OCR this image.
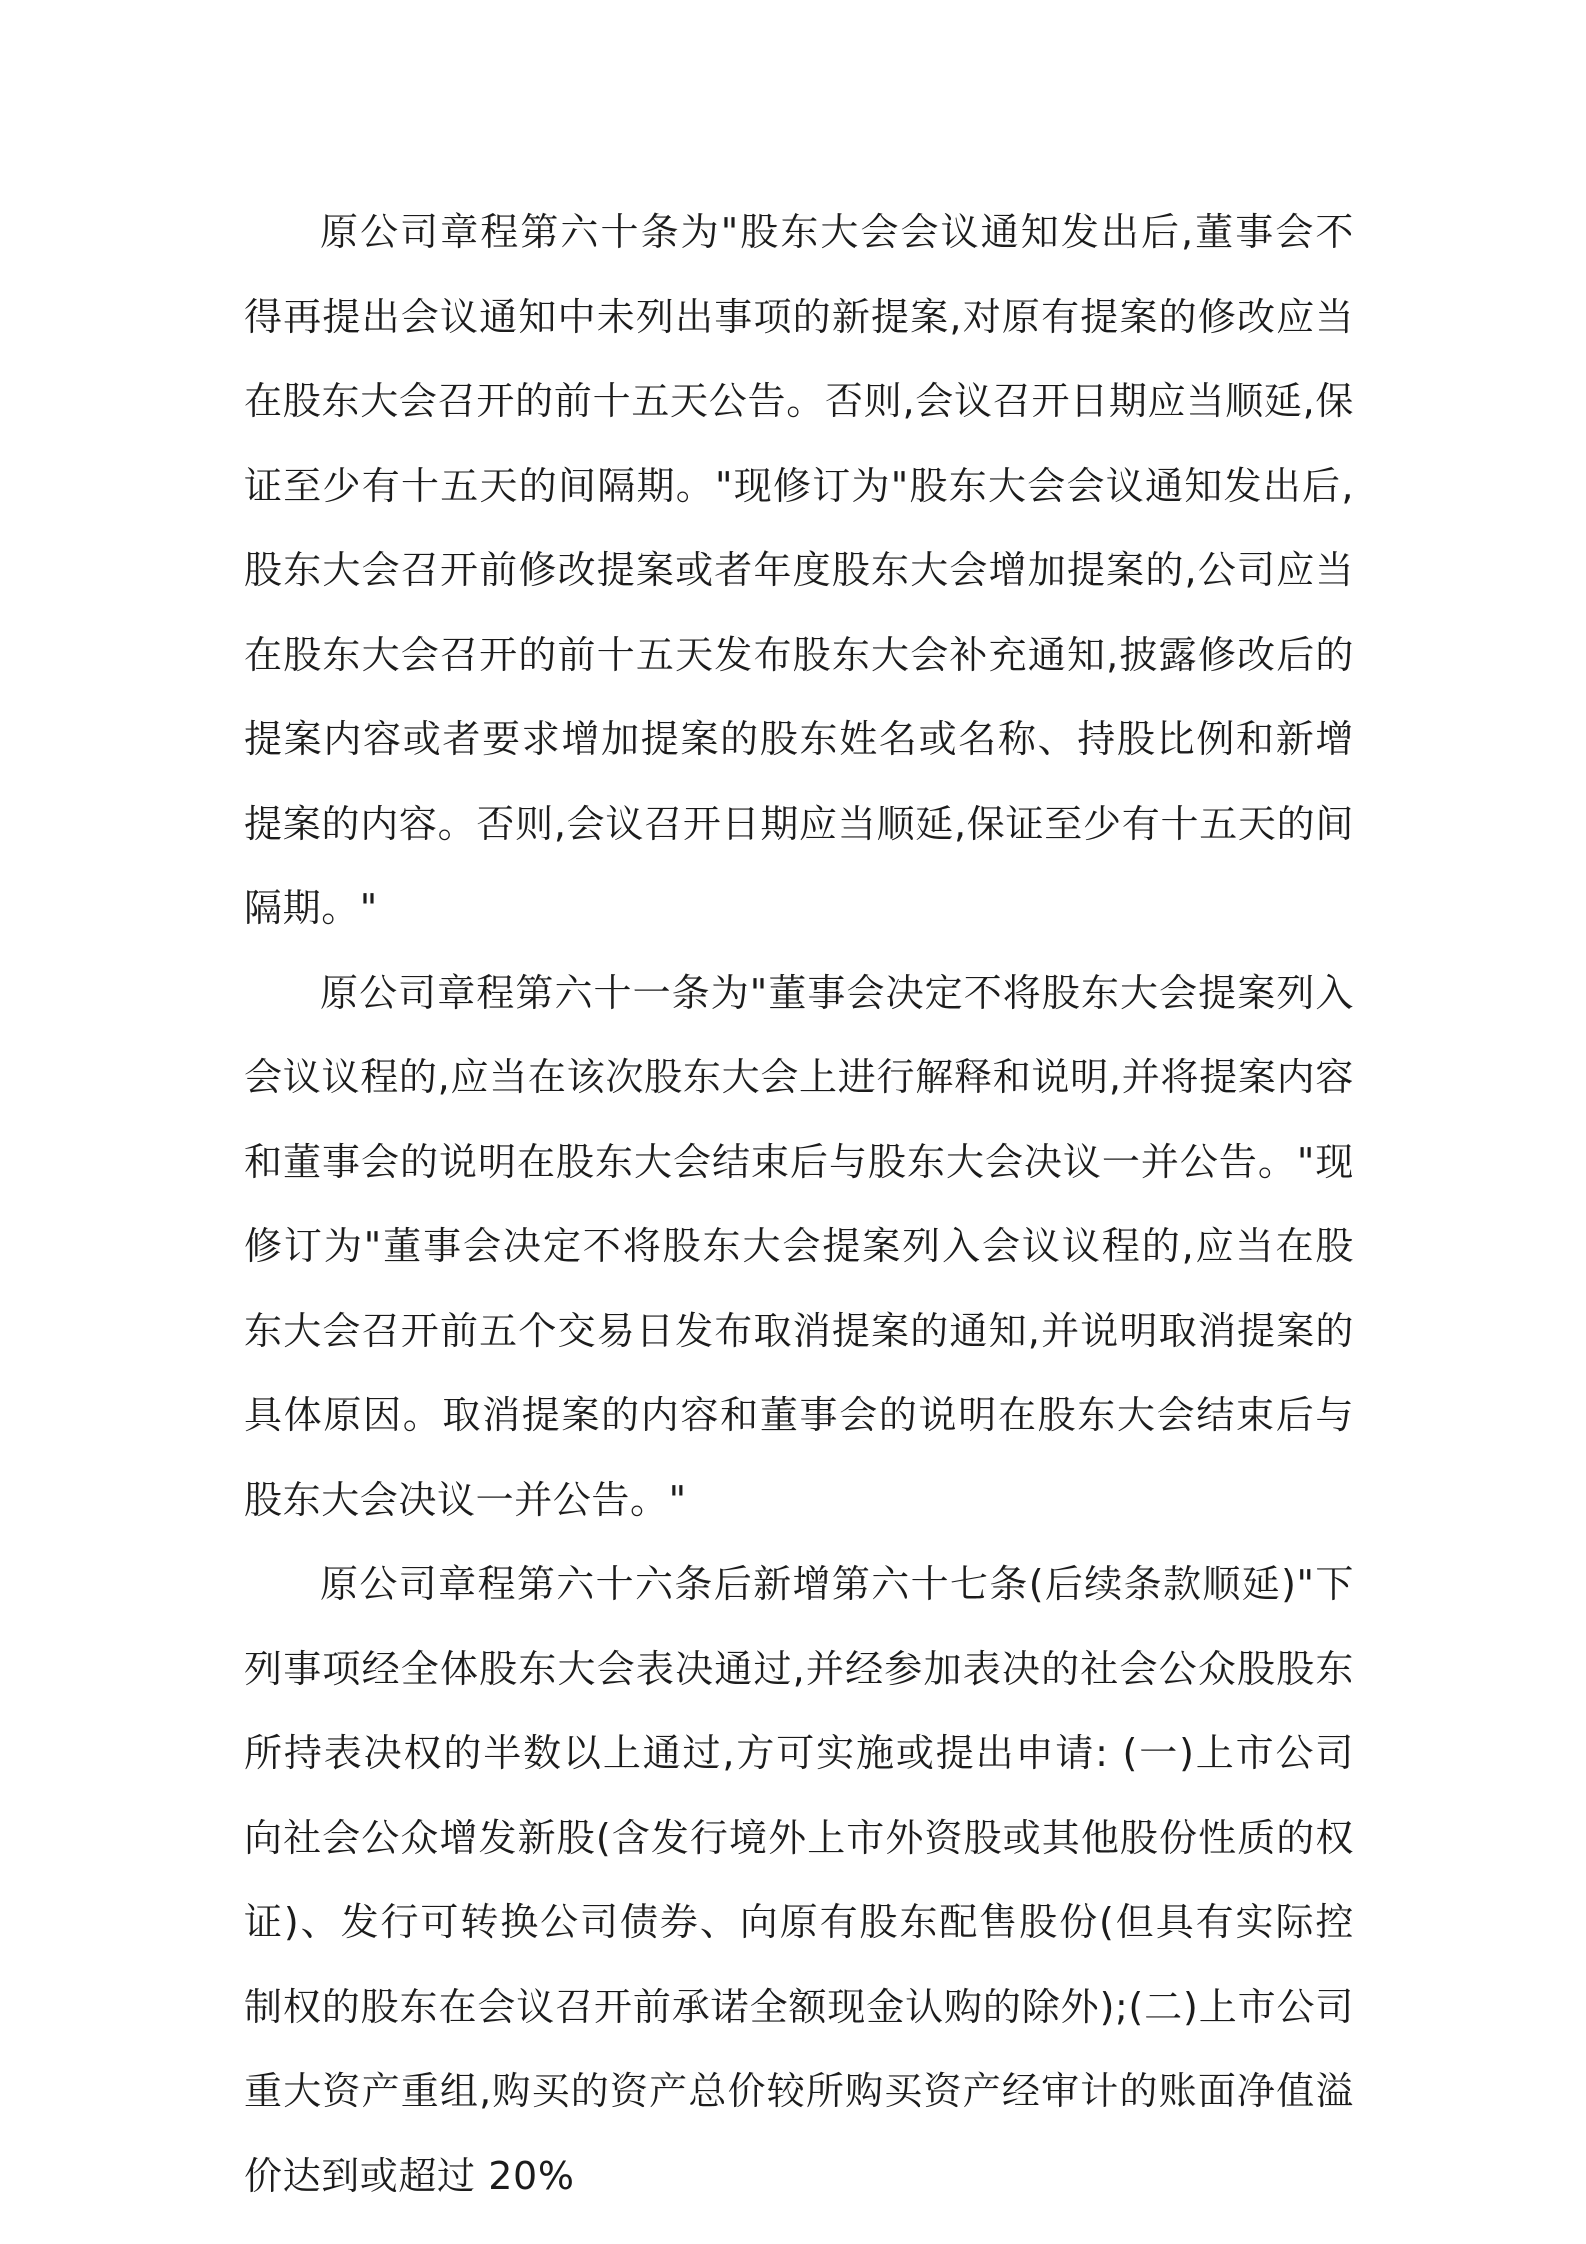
原公司章程第六十条为"股东大会会议通知发出后,董事会不得再提出会议通知中未列出事项的新提案,对原有提案的修改应当在股东大会召开的前十五天公告。否则,会议召开日期应当顺延,保证至少有十五天的间隔期。"现修订为"股东大会会议通知发出后,股东大会召开前修改提案或者年度股东大会增加提案的,公司应当在股东大会召开的前十五天发布股东大会补充通知,披露修改后的提案内容或者要求增加提案的股东姓名或名称、持股比例和新增提案的内容。否则,会议召开日期应当顺延,保证至少有十五天的间隔期。"

原公司章程第六十一条为"董事会决定不将股东大会提案列入会议议程的,应当在该次股东大会上进行解释和说明,并将提案内容和董事会的说明在股东大会结束后与股东大会决议一并公告。"现修订为"董事会决定不将股东大会提案列入会议议程的,应当在股东大会召开前五个交易日发布取消提案的通知,并说明取消提案的具体原因。取消提案的内容和董事会的说明在股东大会结束后与股东大会决议一并公告。"

原公司章程第六十六条后新增第六十七条(后续条款顺延)"下列事项经全体股东大会表决通过,并经参加表决的社会公众股股东所持表决权的半数以上通过,方可实施或提出申请: (一)上市公司向社会公众增发新股(含发行境外上市外资股或其他股份性质的权证)、发行可转换公司债券、向原有股东配售股份(但具有实际控制权的股东在会议召开前承诺全额现金认购的除外);(二)上市公司重大资产重组,购买的资产总价较所购买资产经审计的账面净值溢价达到或超过 20%
